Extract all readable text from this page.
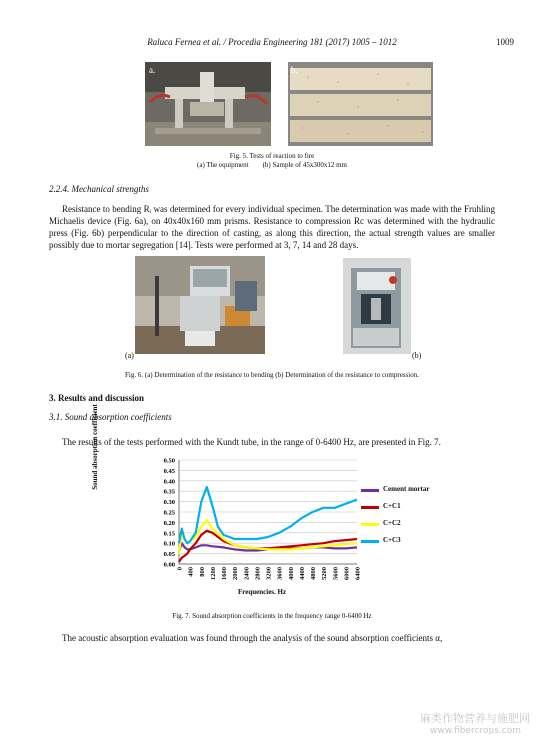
Raluca Fernea et al. / Procedia Engineering 181 (2017) 1005 – 1012	1009
a.	b.
Fig. 5. Tests of reaction to fire
(a) The equipment        (b) Sample of 45x300x12 mm
2.2.4. Mechanical strengths
Resistance to bending Rᵢ was determined for every individual specimen. The determination was made with the Fruhling Michaelis device (Fig. 6a), on 40x40x160 mm prisms. Resistance to compression Rc was determined with the hydraulic press (Fig. 6b) perpendicular to the direction of casting, as along this direction, the actual strength values are smaller possibly due to mortar segregation [14]. Tests were performed at 3, 7, 14 and 28 days.
(a)	(b)
Fig. 6. (a) Determination of the resistance to bending (b) Determination of the resistance to compression.
3. Results and discussion
3.1. Sound absorption coefficients
The results of the tests performed with the Kundt tube, in the range of 0-6400 Hz, are presented in Fig. 7.
0.00
0.05
0.10
0.15
0.20
0.25
0.30
0.35
0.40
0.45
0.50
0 400 800 1200 1600 2000 2400 2800 3200 3600 4000 4400 4800 5200 5600 6000 6400
Sound absorption coefficient
Frequencies. Hz
Cement mortar
C+C1
C+C2
C+C3
Fig. 7. Sound absorption coefficients in the frequency range 0-6400 Hz
The acoustic absorption evaluation was found through the analysis of the sound absorption coefficients α,
麻类作物营养与施肥网
www.fibercrops.com
